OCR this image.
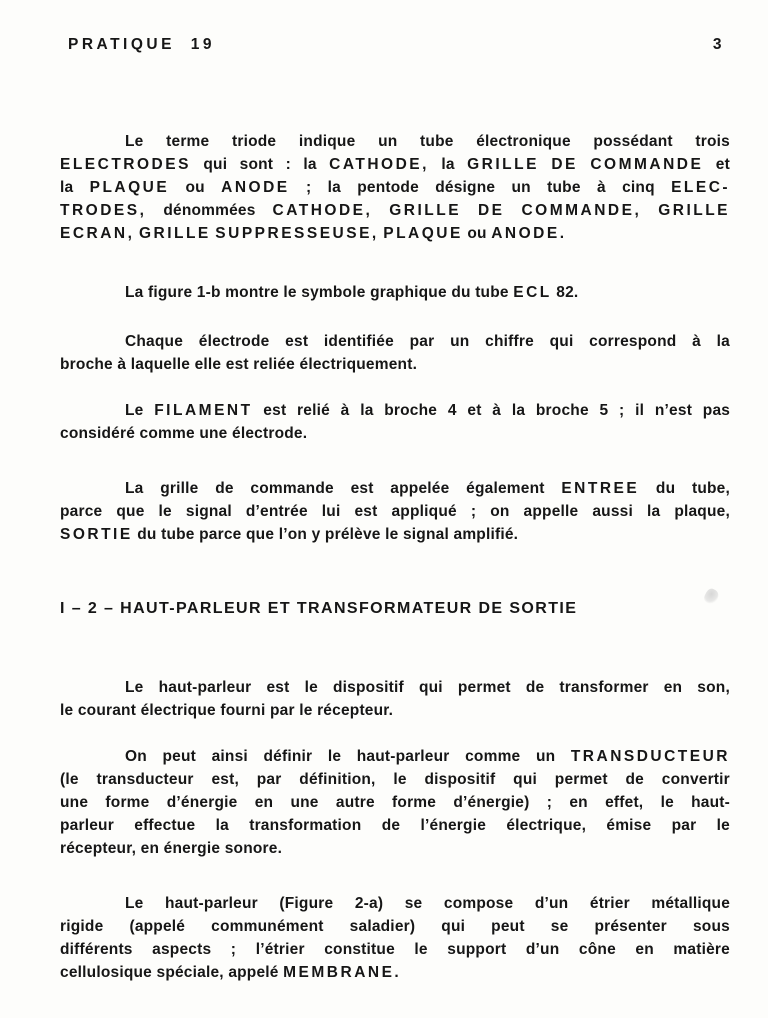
PRATIQUE 19	3
Le terme triode indique un tube électronique possédant trois
ELECTRODES qui sont : la CATHODE, la GRILLE DE COMMANDE et
la PLAQUE ou ANODE ; la pentode désigne un tube à cinq ELEC-
TRODES, dénommées CATHODE, GRILLE DE COMMANDE, GRILLE
ECRAN, GRILLE SUPPRESSEUSE, PLAQUE ou ANODE.
La figure 1-b montre le symbole graphique du tube ECL 82.
Chaque électrode est identifiée par un chiffre qui correspond à la
broche à laquelle elle est reliée électriquement.
Le FILAMENT est relié à la broche 4 et à la broche 5 ; il n’est pas
considéré comme une électrode.
La grille de commande est appelée également ENTREE du tube,
parce que le signal d’entrée lui est appliqué ; on appelle aussi la plaque,
SORTIE du tube parce que l’on y prélève le signal amplifié.
I – 2 – HAUT-PARLEUR ET TRANSFORMATEUR DE SORTIE
Le haut-parleur est le dispositif qui permet de transformer en son,
le courant électrique fourni par le récepteur.
On peut ainsi définir le haut-parleur comme un TRANSDUCTEUR
(le transducteur est, par définition, le dispositif qui permet de convertir
une forme d’énergie en une autre forme d’énergie) ; en effet, le haut-
parleur effectue la transformation de l’énergie électrique, émise par le
récepteur, en énergie sonore.
Le haut-parleur (Figure 2-a) se compose d’un étrier métallique
rigide (appelé communément saladier) qui peut se présenter sous
différents aspects ; l’étrier constitue le support d’un cône en matière
cellulosique spéciale, appelé MEMBRANE.
